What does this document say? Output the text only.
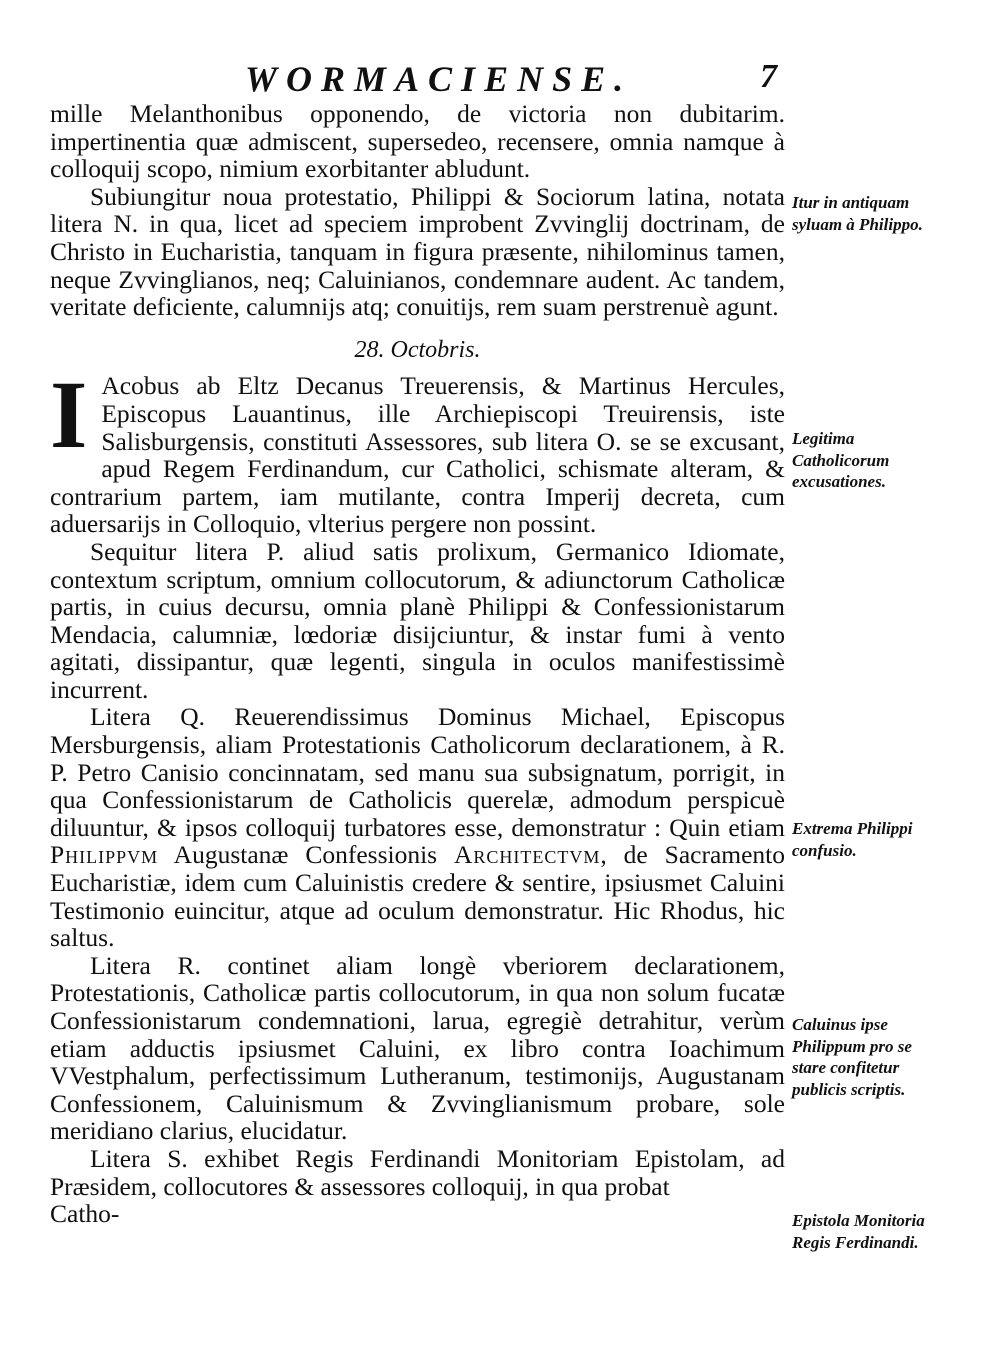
WORMACIENSE.	7

mille Melanthonibus opponendo, de victoria non dubitarim. impertinentia quæ admiscent, supersedeo, recensere, omnia namque à colloquij scopo, nimium exorbitanter abludunt.

Subiungitur noua protestatio, Philippi & Sociorum latina, notata litera N. in qua, licet ad speciem improbent Zvvinglij doctrinam, de Christo in Eucharistia, tanquam in figura præsente, nihilominus tamen, neque Zvvinglianos, neq; Caluinianos, condemnare audent. Ac tandem, veritate deficiente, calumnijs atq; conuitijs, rem suam perstrenuè agunt.

28. Octobris.

I Acobus ab Eltz Decanus Treuerensis, & Martinus Hercules, Episcopus Lauantinus, ille Archiepiscopi Treuirensis, iste Salisburgensis, constituti Assessores, sub litera O. se se excusant, apud Regem Ferdinandum, cur Catholici, schismate alteram, & contrarium partem, iam mutilante, contra Imperij decreta, cum aduersarijs in Colloquio, vlterius pergere non possint.

Sequitur litera P. aliud satis prolixum, Germanico Idiomate, contextum scriptum, omnium collocutorum, & adiunctorum Catholicæ partis, in cuius decursu, omnia planè Philippi & Confessionistarum Mendacia, calumniæ, lœdoriæ disijciuntur, & instar fumi à vento agitati, dissipantur, quæ legenti, singula in oculos manifestissimè incurrent.

Litera Q. Reuerendissimus Dominus Michael, Episcopus Mersburgensis, aliam Protestationis Catholicorum declarationem, à R. P. Petro Canisio concinnatam, sed manu sua subsignatum, porrigit, in qua Confessionistarum de Catholicis querelæ, admodum perspicuè diluuntur, & ipsos colloquij turbatores esse, demonstratur : Quin etiam Philippvm Augustanæ Confessionis Architectvm, de Sacramento Eucharistiæ, idem cum Caluinistis credere & sentire, ipsiusmet Caluini Testimonio euincitur, atque ad oculum demonstratur. Hic Rhodus, hic saltus.

Litera R. continet aliam longè vberiorem declarationem, Protestationis, Catholicæ partis collocutorum, in qua non solum fucatæ Confessionistarum condemnationi, larua, egregiè detrahitur, verùm etiam adductis ipsiusmet Caluini, ex libro contra Ioachimum VVestphalum, perfectissimum Lutheranum, testimonijs, Augustanam Confessionem, Caluinismum & Zvvinglianismum probare, sole meridiano clarius, elucidatur.

Litera S. exhibet Regis Ferdinandi Monitoriam Epistolam, ad Præsidem, collocutores & assessores colloquij, in qua probat

Catho-

Itur in antiquam syluam à Philippo.
Legitima Catholicorum excusationes.
Extrema Philippi confusio.
Caluinus ipse Philippum pro se stare confitetur publicis scriptis.
Epistola Monitoria Regis Ferdinandi.
